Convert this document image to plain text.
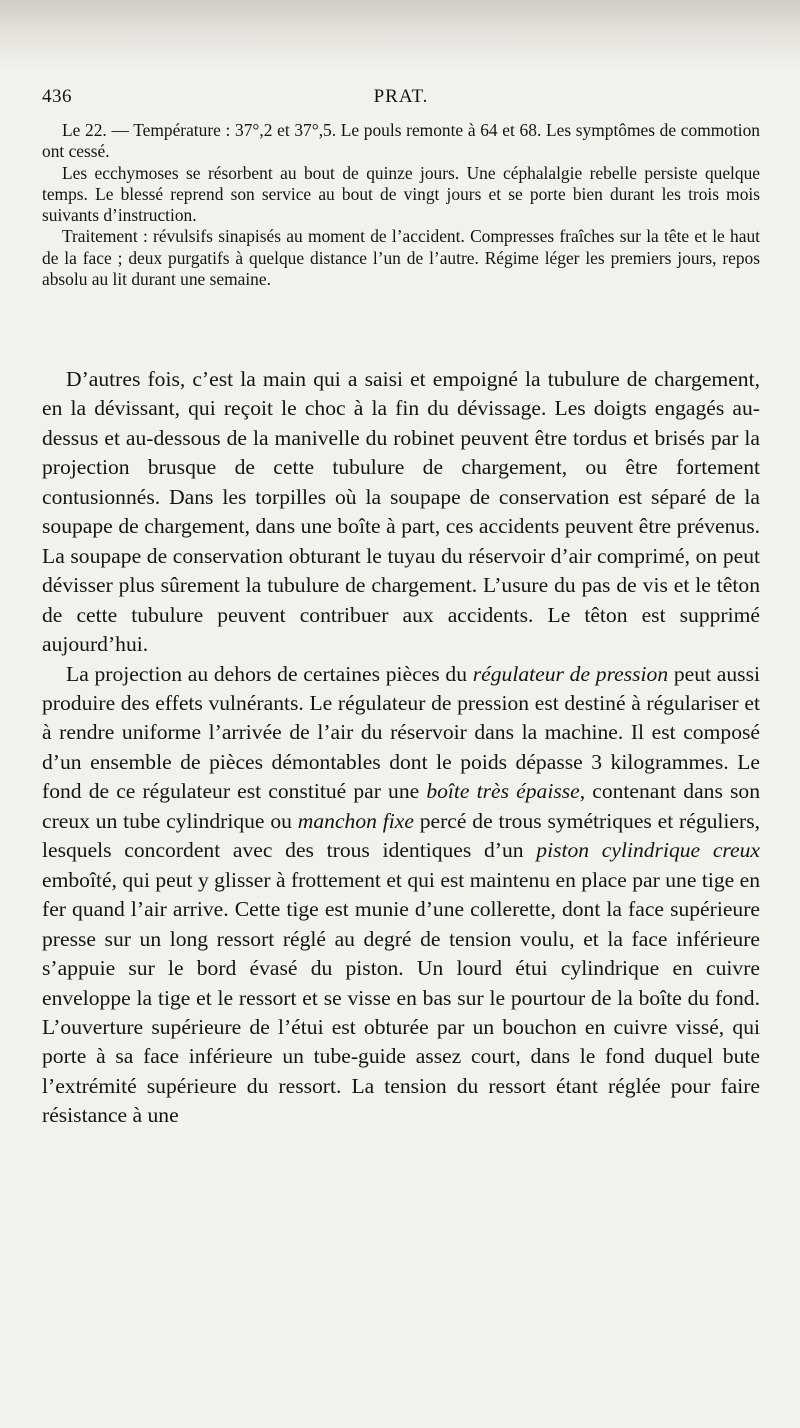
436	PRAT.

Le 22. — Température : 37°,2 et 37°,5. Le pouls remonte à 64 et 68. Les symptômes de commotion ont cessé.

Les ecchymoses se résorbent au bout de quinze jours. Une céphalalgie rebelle persiste quelque temps. Le blessé reprend son service au bout de vingt jours et se porte bien durant les trois mois suivants d’instruction.

Traitement : révulsifs sinapisés au moment de l’accident. Compresses fraîches sur la tête et le haut de la face ; deux purgatifs à quelque distance l’un de l’autre. Régime léger les premiers jours, repos absolu au lit durant une semaine.

D’autres fois, c’est la main qui a saisi et empoigné la tubulure de chargement, en la dévissant, qui reçoit le choc à la fin du dévissage. Les doigts engagés au-dessus et au-dessous de la manivelle du robinet peuvent être tordus et brisés par la projection brusque de cette tubulure de chargement, ou être fortement contusionnés. Dans les torpilles où la soupape de conservation est séparé de la soupape de chargement, dans une boîte à part, ces accidents peuvent être prévenus. La soupape de conservation obturant le tuyau du réservoir d’air comprimé, on peut dévisser plus sûrement la tubulure de chargement. L’usure du pas de vis et le têton de cette tubulure peuvent contribuer aux accidents. Le têton est supprimé aujourd’hui.

La projection au dehors de certaines pièces du régulateur de pression peut aussi produire des effets vulnérants. Le régulateur de pression est destiné à régulariser et à rendre uniforme l’arrivée de l’air du réservoir dans la machine. Il est composé d’un ensemble de pièces démontables dont le poids dépasse 3 kilogrammes. Le fond de ce régulateur est constitué par une boîte très épaisse, contenant dans son creux un tube cylindrique ou manchon fixe percé de trous symétriques et réguliers, lesquels concordent avec des trous identiques d’un piston cylindrique creux emboîté, qui peut y glisser à frottement et qui est maintenu en place par une tige en fer quand l’air arrive. Cette tige est munie d’une collerette, dont la face supérieure presse sur un long ressort réglé au degré de tension voulu, et la face inférieure s’appuie sur le bord évasé du piston. Un lourd étui cylindrique en cuivre enveloppe la tige et le ressort et se visse en bas sur le pourtour de la boîte du fond. L’ouverture supérieure de l’étui est obturée par un bouchon en cuivre vissé, qui porte à sa face inférieure un tube-guide assez court, dans le fond duquel bute l’extrémité supérieure du ressort. La tension du ressort étant réglée pour faire résistance à une
